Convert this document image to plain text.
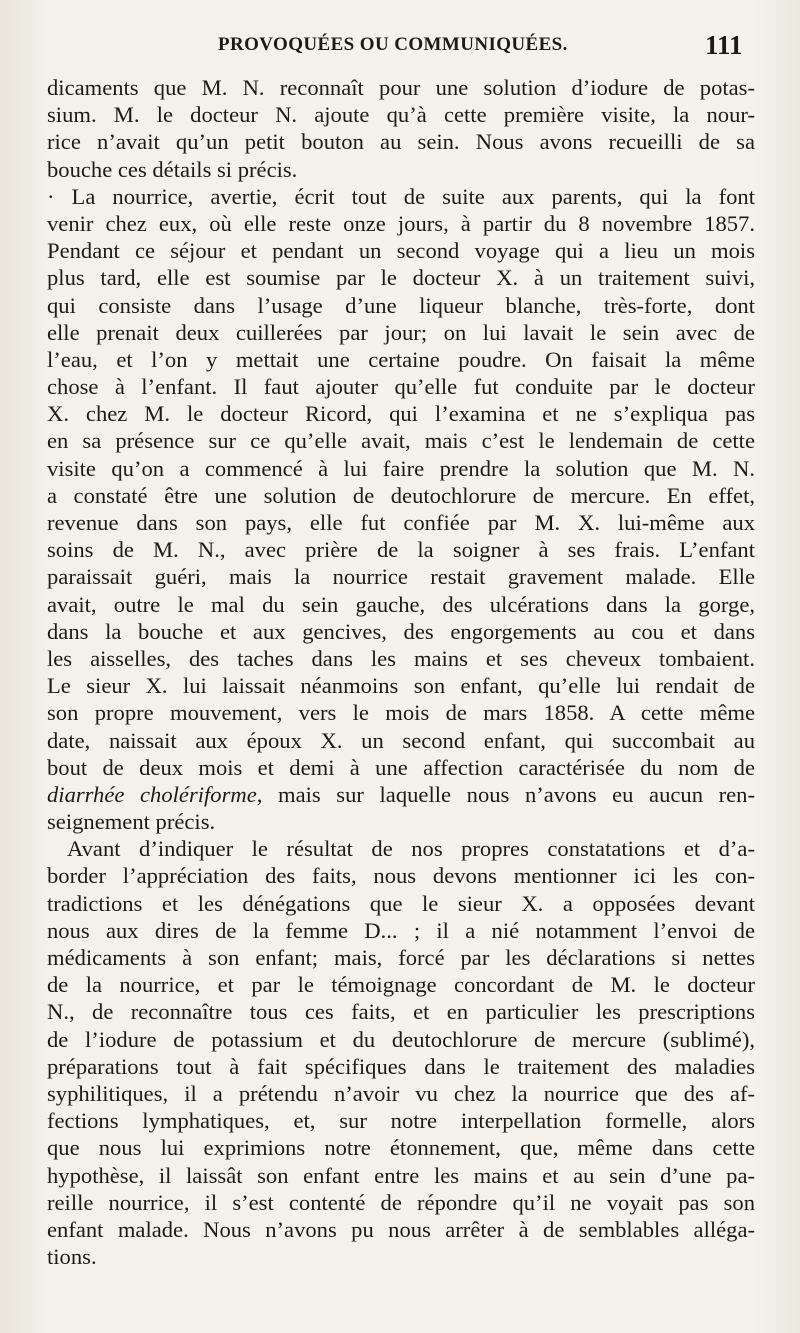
PROVOQUÉES OU COMMUNIQUÉES.	111
dicaments que M. N. reconnaît pour une solution d’iodure de potas-
sium. M. le docteur N. ajoute qu’à cette première visite, la nour-
rice n’avait qu’un petit bouton au sein. Nous avons recueilli de sa
bouche ces détails si précis.
· La nourrice, avertie, écrit tout de suite aux parents, qui la font
venir chez eux, où elle reste onze jours, à partir du 8 novembre 1857.
Pendant ce séjour et pendant un second voyage qui a lieu un mois
plus tard, elle est soumise par le docteur X. à un traitement suivi,
qui consiste dans l’usage d’une liqueur blanche, très-forte, dont
elle prenait deux cuillerées par jour; on lui lavait le sein avec de
l’eau, et l’on y mettait une certaine poudre. On faisait la même
chose à l’enfant. Il faut ajouter qu’elle fut conduite par le docteur
X. chez M. le docteur Ricord, qui l’examina et ne s’expliqua pas
en sa présence sur ce qu’elle avait, mais c’est le lendemain de cette
visite qu’on a commencé à lui faire prendre la solution que M. N.
a constaté être une solution de deutochlorure de mercure. En effet,
revenue dans son pays, elle fut confiée par M. X. lui-même aux
soins de M. N., avec prière de la soigner à ses frais. L’enfant
paraissait guéri, mais la nourrice restait gravement malade. Elle
avait, outre le mal du sein gauche, des ulcérations dans la gorge,
dans la bouche et aux gencives, des engorgements au cou et dans
les aisselles, des taches dans les mains et ses cheveux tombaient.
Le sieur X. lui laissait néanmoins son enfant, qu’elle lui rendait de
son propre mouvement, vers le mois de mars 1858. A cette même
date, naissait aux époux X. un second enfant, qui succombait au
bout de deux mois et demi à une affection caractérisée du nom de
diarrhée cholériforme, mais sur laquelle nous n’avons eu aucun ren-
seignement précis.
Avant d’indiquer le résultat de nos propres constatations et d’a-
border l’appréciation des faits, nous devons mentionner ici les con-
tradictions et les dénégations que le sieur X. a opposées devant
nous aux dires de la femme D... ; il a nié notamment l’envoi de
médicaments à son enfant; mais, forcé par les déclarations si nettes
de la nourrice, et par le témoignage concordant de M. le docteur
N., de reconnaître tous ces faits, et en particulier les prescriptions
de l’iodure de potassium et du deutochlorure de mercure (sublimé),
préparations tout à fait spécifiques dans le traitement des maladies
syphilitiques, il a prétendu n’avoir vu chez la nourrice que des af-
fections lymphatiques, et, sur notre interpellation formelle, alors
que nous lui exprimions notre étonnement, que, même dans cette
hypothèse, il laissât son enfant entre les mains et au sein d’une pa-
reille nourrice, il s’est contenté de répondre qu’il ne voyait pas son
enfant malade. Nous n’avons pu nous arrêter à de semblables alléga-
tions.
